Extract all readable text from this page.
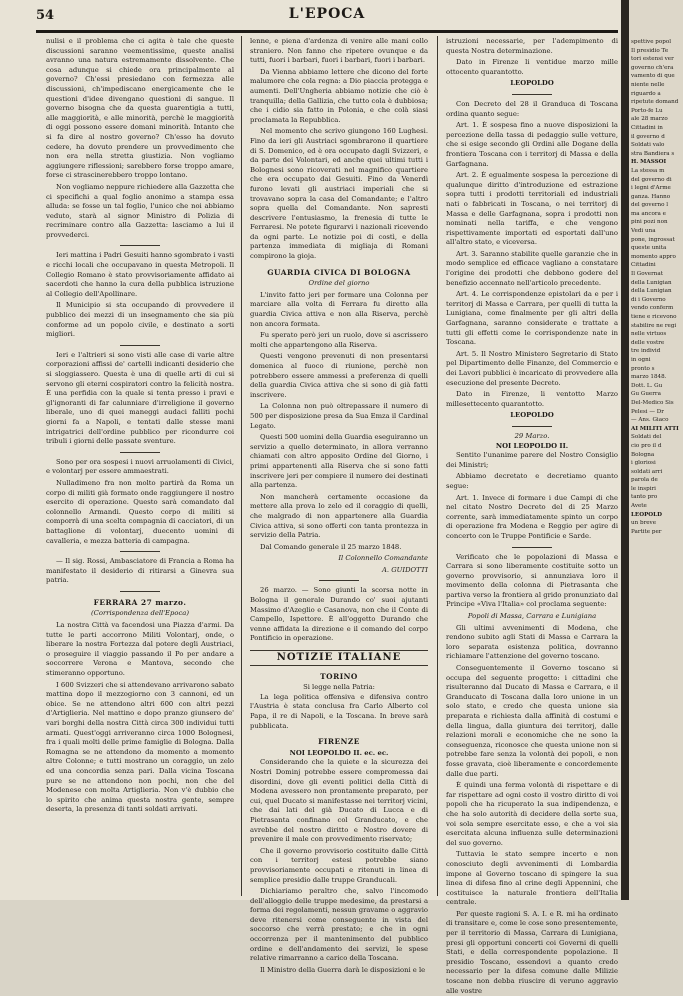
54	L'EPOCA

nulisi e il problema che ci agita è tale che queste discussioni saranno veementissime, queste analisi avranno una natura estremamente dissolvente. Che cosa adunque si chiede ora principalmente al governo? Ch'essi presiedano con fermezza alle discussioni, ch'impediscano energicamente che le questioni d'idee divengano questioni di sangue. Il governo bisogna che da questa guarentigia a tutti, alle maggiorità, e alle minorità, perchè le maggiorità di oggi possono essere domani minorità. Intanto che si fa dire al nostro governo? Ch'esso ha dovuto cedere, ha dovuto prendere un provvedimento che non era nella stretta giustizia. Non vogliamo aggiungere riflessioni; sarebbero forse troppo amare, forse ci strascinerebbero troppo lontano.

Non vogliamo neppure richiedere alla Gazzetta che ci specifichi a qual foglio anonimo a stampa essa alluda: se fosse un tal foglio, l'unico che noi abbiamo veduto, starà al signor Ministro di Polizia di recriminare contro alla Gazzetta: lasciamo a lui il provvederci.

Ieri mattina i Padri Gesuiti hanno sgombrato i vasti e ricchi locali che occupavano in questa Metropoli. Il Collegio Romano è stato provvisoriamente affidato ai sacerdoti che hanno la cura della pubblica istruzione al Collegio dell'Apollinare.

Il Municipio si sta occupando di provvedere il pubblico dei mezzi di un insegnamento che sia più conforme ad un popolo civile, e destinato a sorti migliori.

Ieri e l'altrieri si sono visti alle case di varie altre corporazioni affissi de' cartelli indicanti desiderio che si sloggiassero. Questa è una di quelle arti di cui si servono gli eterni cospiratori contro la felicità nostra. È una perfidia con la quale si tenta presso i pravi e gl'ignoranti di far calunniare d'irreligione il governo liberale, uno di quei maneggi audaci falliti pochi giorni fa a Napoli, e tentati dalle stesse mani intrigatrici dell'ordine pubblico per ricondurre coi tribuli i giorni delle passate sventure.

Sono per ora sospesi i nuovi arruolamenti di Civici, e volontarj per essere ammaestrati.

Nulladimeno fra non molto partirà da Roma un corpo di militi già formato onde raggiungere il nostro esercito di operazione. Questo sarà comandato dal colonnello Armandi. Questo corpo di militi si comporrà di una scelta compagnia di cacciatori, di un battaglione di volontarj, duecento uomini di cavalleria, e mezza batteria di campagna.

— Il sig. Rossi, Ambasciatore di Francia a Roma ha manifestato il desiderio di ritirarsi a Ginevra sua patria.

FERRARA 27 marzo.
(Corrispondenza dell'Epoca)

La nostra Città va facendosi una Piazza d'armi. Da tutte le parti accorrono Militi Volontarj, onde, o liberare la nostra Fortezza dal potere degli Austriaci, o proseguire il viaggio passando il Po per andare a soccorrere Verona e Mantova, secondo che stimeranno opportuno.

I 600 Svizzeri che si attendevano arrivarono sabato mattina dopo il mezzogiorno con 3 cannoni, ed un obice. Se ne attendono altri 600 con altri pezzi d'Artiglieria. Nel mattino e dopo pranzo giunsero de' vari borghi della nostra Città circa 300 individui tutti armati. Quest'oggi arriveranno circa 1000 Bolognesi, fra i quali molti delle prime famiglie di Bologna. Dalla Romagna se ne attendono da momento a momento altre Colonne; e tutti mostrano un coraggio, un zelo ed una concordia senza pari. Dalla vicina Toscana pure se ne attendono non pochi, non che del Modenese con molta Artiglieria. Non v'è dubbio che lo spirito che anima questa nostra gente, sempre deserta, la presenza di tanti soldati arrivati.

lenne, e piena d'ardenza di venire alle mani collo straniero. Non fanno che ripetere ovunque e da tutti, fuori i barbari, fuori i barbari, fuori i barbari.

Da Vienna abbiamo lettere che dicono del forte malumore che cola regna: a Dio piaccia protegga e aumenti. Dell'Ungheria abbiamo notizie che ciò è tranquilla; della Gallizia, che tutto cola è dubbiosa; che i cidio sia fatto in Polonia, e che colà siasi proclamata la Repubblica.

Nel momento che scrivo giungono 160 Lughesi. Fino da ieri gli Austriaci sgombrarono il quartiere di S. Domenico, ed è ora occupato dagli Svizzeri, e da parte dei Volontari, ed anche quei ultimi tutti i Bolognesi sono ricoverati nel magnifico quartiere che era occupato dai Gesuiti. Fino da Venerdì furono levati gli austriaci imperiali che si trovavano sopra la casa del Comandante; e l'altro sopra quella del Comandante. Non sapresti descrivere l'entusiasmo, la frenesia di tutte le Ferraresi. Ne potete figurarvi i nazionali ricevendo da ogni parte. Le notizie poi di costì, e della partenza immediata di migliaja di Romani compirono la gioja.

GUARDIA CIVICA DI BOLOGNA
Ordine del giorno

L'invito fatto jeri per formare una Colonna per marciare alla volta di Ferrara fu diretto alla guardia Civica attiva e non alla Riserva, perchè non ancora formata.

Fu sperato però jeri un ruolo, dove si ascrissero molti che appartengono alla Riserva.

Questi vengono prevenuti di non presentarsi domenica al fuoco di riunione, perchè non potrebbero essere ammessi a preferenza di quelli della guardia Civica attiva che si sono di già fatti inscrivere.

La Colonna non può oltrepassare il numero di 500 per disposizione presa da Sua Emza il Cardinal Legato.

Questi 500 uomini della Guardia eseguiranno un servizio a quello determinato, in allora verranno chiamati con altro apposito Ordine del Giorno, i primi appartenenti alla Riserva che si sono fatti inscrivere jeri per compiere il numero dei destinati alla partenza.

Non mancherà certamente occasione da mettere alla prova lo zelo ed il coraggio di quelli, che malgrado di non appartenere alla Guardia Civica attiva, si sono offerti con tanta prontezza in servizio della Patria.

Dal Comando generale il 25 marzo 1848.

Il Colonnello Comandante
A. GUIDOTTI

26 marzo. — Sono giunti la scorsa notte in Bologna il generale Durando co' suoi ajutanti Massimo d'Azeglio e Casanova, non che il Conte di Campello, Ispettore. È all'oggetto Durando che venne affidata la direzione e il comando del corpo Pontificio in operazione.

NOTIZIE ITALIANE
TORINO
Si legge nella Patria:

La lega politica offensiva e difensiva contro l'Austria è stata conclusa fra Carlo Alberto col Papa, il re di Napoli, e la Toscana. In breve sarà pubblicata.

FIRENZE
NOI LEOPOLDO II. ec. ec.

Considerando che la quiete e la sicurezza dei Nostri Dominj potrebbe essere compromessa dai disordini, dove gli eventi politici della Città di Modena avessero non prontamente preparato, per cui, quel Ducato si manifestasse nei territorj vicini, che dai lati del già Ducato di Lucca e di Pietrasanta confinano col Granducato, e che avrebbe del nostro diritto e Nostro dovere di prevenire il male con provvedimento riservato;

Che il governo provvisorio costituito dalle Città con i territorj estesi potrebbe siano provvisoriamente occupati e ritenuti in linea di semplice presidio dalle truppe Granducali.

Dichiariamo peraltro che, salvo l'incomodo dell'alloggio delle truppe medesime, da prestarsi a forma dei regolamenti, nessun gravame o aggravio deve ritenersi come conseguente in vista del soccorso che verrà prestato; e che in ogni occorrenza per il mantenimento del pubblico ordine e dell'andamento dei servizi, le spese relative rimarranno a carico della Toscana.

Il Ministro della Guerra darà le disposizioni e le

istruzioni necessarie, per l'adempimento di questa Nostra determinazione.

Dato in Firenze li ventidue marzo mille ottocento quarantotto.

LEOPOLDO

Con Decreto del 28 il Granduca di Toscana ordina quanto segue:

Art. 1. È sospesa fino a nuove disposizioni la percezione della tassa di pedaggio sulle vetture, che si esige secondo gli Ordini alle Dogane della frontiera Toscana con i territorj di Massa e della Garfagnana.

Art. 2. È egualmente sospesa la percezione di qualunque diritto d'introduzione ed estrazione sopra tutti i prodotti territoriali ed industriali nati o fabbricati in Toscana, o nei territorj di Massa e delle Garfagnana, sopra i prodotti non nominati nella tariffa, e che vengono rispettivamente importati ed esportati dall'uno all'altro stato, e viceversa.

Art. 3. Saranno stabilite quelle garanzie che in modo semplice ed efficace vagliano a constatare l'origine dei prodotti che debbono godere del benefizio accennato nell'articolo precedente.

Art. 4. Le corrispondenze epistolari da e per i territorj di Massa e Carrara, per quelli di tutta la Lunigiana, come finalmente per gli altri della Garfagnana, saranno considerate e trattate a tutti gli effetti come le corrispondenze nate in Toscana.

Art. 5. Il Nostro Ministero Segretario di Stato pel Dipartimento delle Finanze, del Commercio e dei Lavori pubblici è incaricato di provvedere alla esecuzione del presente Decreto.

Dato in Firenze, li ventotto Marzo millesettecento quarantotto.

LEOPOLDO
29 Marzo.
NOI LEOPOLDO II.

Sentito l'unanime parere del Nostro Consiglio dei Ministri;

Abbiamo decretato e decretiamo quanto segue:

Art. 1. Invece di formare i due Campi di che nel citato Nostro Decreto del di 25 Marzo corrente, sarà immediatamente spinto un corpo di operazione fra Modena e Reggio per agire di concerto con le Truppe Pontificie e Sarde.

Verificato che le popolazioni di Massa e Carrara si sono liberamente costituite sotto un governo provvisorio, si annunziava loro il movimento della colonna di Pietrasanta che partiva verso la frontiera al grido pronunziato dal Principe «Viva l'Italia» col proclama seguente:

Popoli di Massa, Carrara e Lunigiana

Gli ultimi avvenimenti di Modena, che rendono subito agli Stati di Massa e Carrara la loro separata esistenza politica, dovranno richiamare l'attenzione del governo toscano.

Conseguentemente il Governo toscano si occupa del seguente progetto: i cittadini che risulteranno dal Ducato di Massa e Carrara, e il Granducato di Toscana dalla loro unione in un solo stato, e credo che questa unione sia preparata e richiesta dalla affinità di costumi e della lingua, dalla giuntura dei territorj, dalle relazioni morali e economiche che ne sono la conseguenza, riconosce che questa unione non si potrebbe fare senza la volontà dei popoli, e non fosse gravata, cioè liberamente e concordemente dalle due parti.

È quindi una ferma volontà di rispettare e di far rispettare ad ogni costo il vostro diritto di voi popoli che ha ricuperato la sua indipendenza, e che ha solo autorità di decidere della sorte sua, voi sola sempre esercitate esso, e che a voi sia esercitata alcuna influenza sulle determinazioni del suo governo.

Tuttavia le stato sempre incerto e non conosciuto degli avvenimenti di Lombardia impone al Governo toscano di spingere la sua linea di difesa fino al crine degli Appennini, che costituisce la naturale frontiera dell'Italia centrale.

Per queste ragioni S. A. I. e R. mi ha ordinato di transitare e, come le cose sono presentemente, per il territorio di Massa, Carrara di Lunigiana, presi gli opportuni concerti coi Governi di quelli Stati, e della correspondente popolazione. Il presidio Toscano, essendovi a quanto credo necessario per la difesa comune dalle Milizie toscane non debba riuscire di veruno aggravio alle vostre

spettive popol
Il presidio Te
tori estensi ver
governo ch'era
vamento di que
niente nelle
riguardo a
ripetute domand
Porto-fe Lu
ale 28 marzo
Cittadini in
il governo d
Soldati valo
stra Bandiera s
H. MASSOI
La stessa m
del governo di
i legni d'Arme
ganza. Hanno
del governo l
ma ancora e
pini pozi non
Vedi una
pone, ingrossat
queste unita
momento appro
Cittadini
Il Governat
della Lunigian
della Lunigian
di i Governo
vendo conferm
tiene e ricevono
stabilire ne regi
nelle virtuos
delle vostre
tre individ
in ogni
pronto s
marzo 1848.
Dott. L. Gu
Gu Guerra
Del-Medico Sis
Pelesi — Dr
— Ans. Giaco
AI MILITI ATTI
Soldati del
cio pro il d
Bologna
i gloriosi
soldati arri
parola de
le inspiri
tanto pro
Avete
LEOPOLD
un breve
Partite per
